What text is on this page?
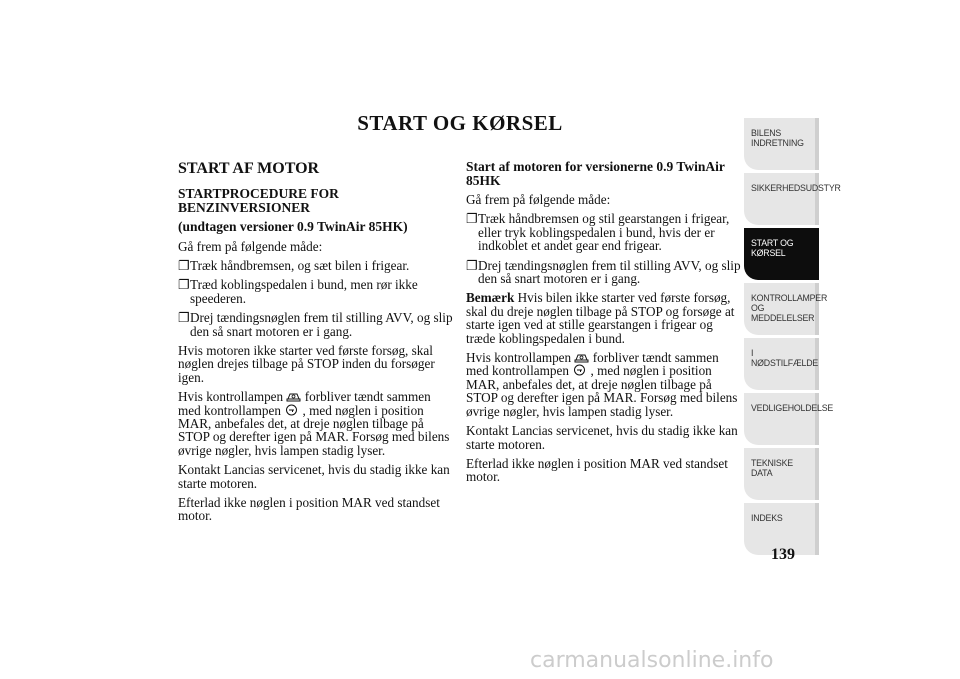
START OG KØRSEL
START AF MOTOR
STARTPROCEDURE FOR BENZINVERSIONER
(undtagen versioner 0.9 TwinAir 85HK)

Gå frem på følgende måde:

❐ Træk håndbremsen, og sæt bilen i frigear.
❐ Træd koblingspedalen i bund, men rør ikke speederen.
❐ Drej tændingsnøglen frem til stilling AVV, og slip den så snart motoren er i gang.

Hvis motoren ikke starter ved første forsøg, skal nøglen drejes tilbage på STOP inden du forsøger igen.

Hvis kontrollampen forbliver tændt sammen med kontrollampen , med nøglen i position MAR, anbefales det, at dreje nøglen tilbage på STOP og derefter igen på MAR. Forsøg med bilens øvrige nøgler, hvis lampen stadig lyser.

Kontakt Lancias servicenet, hvis du stadig ikke kan starte motoren.

Efterlad ikke nøglen i position MAR ved standset motor.

Start af motoren for versionerne 0.9 TwinAir 85HK

Gå frem på følgende måde:

❐ Træk håndbremsen og stil gearstangen i frigear, eller tryk koblingspedalen i bund, hvis der er indkoblet et andet gear end frigear.
❐ Drej tændingsnøglen frem til stilling AVV, og slip den så snart motoren er i gang.

Bemærk Hvis bilen ikke starter ved første forsøg, skal du dreje nøglen tilbage på STOP og forsøge at starte igen ved at stille gearstangen i frigear og træde koblingspedalen i bund.

Hvis kontrollampen forbliver tændt sammen med kontrollampen , med nøglen i position MAR, anbefales det, at dreje nøglen tilbage på STOP og derefter igen på MAR. Forsøg med bilens øvrige nøgler, hvis lampen stadig lyser.

Kontakt Lancias servicenet, hvis du stadig ikke kan starte motoren.

Efterlad ikke nøglen i position MAR ved standset motor.

BILENS INDRETNING
SIKKERHEDSUDSTYR
START OG KØRSEL
KONTROLLAMPER OG MEDDELELSER
I NØDSTILFÆLDE
VEDLIGEHOLDELSE
TEKNISKE DATA
INDEKS
139
carmanualsonline.info
